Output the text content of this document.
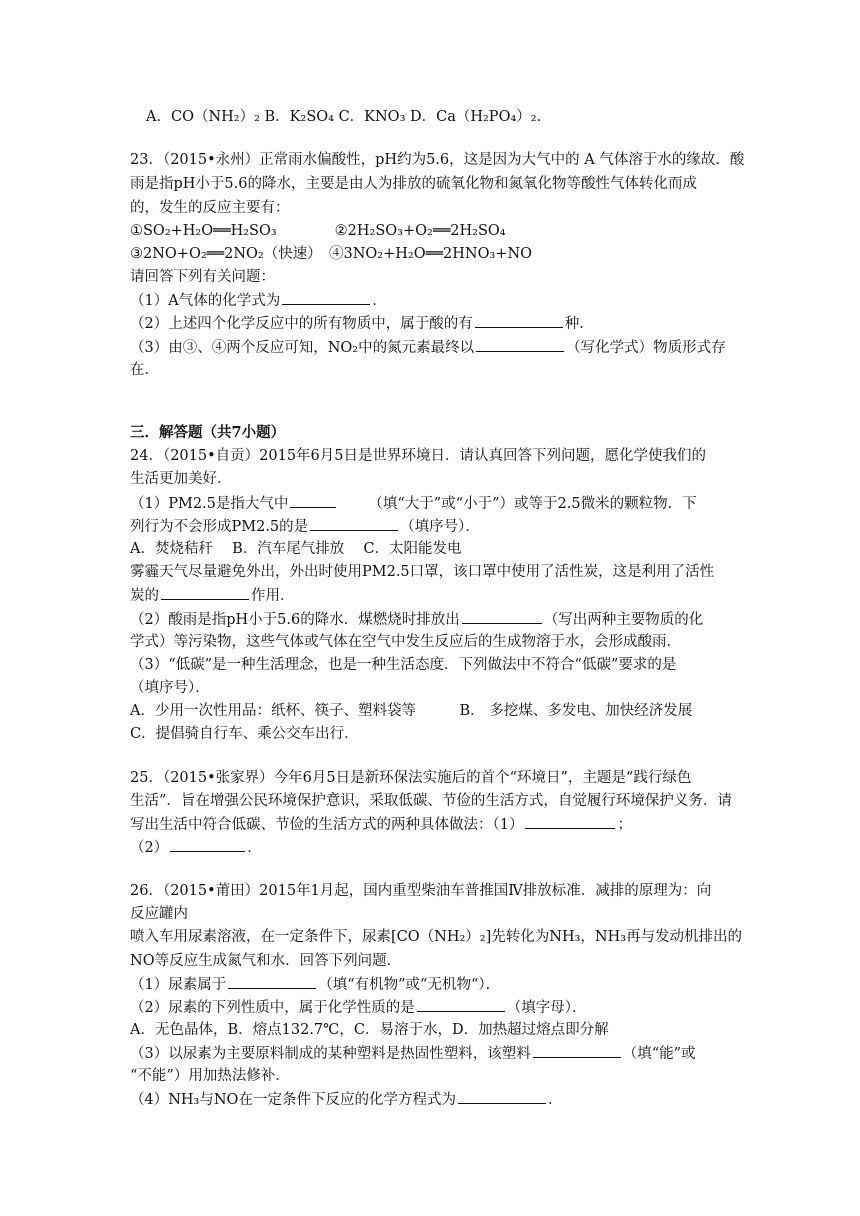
A．CO（NH₂）₂ B．K₂SO₄ C．KNO₃ D．Ca（H₂PO₄）₂．
23．（2015•永州）正常雨水偏酸性，pH约为5.6，这是因为大气中的 A 气体溶于水的缘故．酸
雨是指pH小于5.6的降水，主要是由人为排放的硫氧化物和氮氧化物等酸性气体转化而成
的，发生的反应主要有：
①SO₂+H₂O══H₂SO₃　　　　②2H₂SO₃+O₂══2H₂SO₄
③2NO+O₂══2NO₂（快速）　④3NO₂+H₂O══2HNO₃+NO
请回答下列有关问题：
（1）A气体的化学式为	．
（2）上述四个化学反应中的所有物质中，属于酸的有	种．
（3）由③、④两个反应可知，NO₂中的氮元素最终以	（写化学式）物质形式存
在．
三．解答题（共7小题）
24．（2015•自贡）2015年6月5日是世界环境日．请认真回答下列问题，愿化学使我们的
生活更加美好．
（1）PM2.5是指大气中	（填“大于”或“小于”）或等于2.5微米的颗粒物．下
列行为不会形成PM2.5的是	（填序号）．
A．焚烧秸秆　 B．汽车尾气排放　 C．太阳能发电
雾霾天气尽量避免外出，外出时使用PM2.5口罩，该口罩中使用了活性炭，这是利用了活性
炭的	作用．
（2）酸雨是指pH小于5.6的降水．煤燃烧时排放出	（写出两种主要物质的化
学式）等污染物，这些气体或气体在空气中发生反应后的生成物溶于水，会形成酸雨．
（3）“低碳”是一种生活理念，也是一种生活态度．下列做法中不符合“低碳”要求的是
（填序号）．
A．少用一次性用品：纸杯、筷子、塑料袋等　　　B． 多挖煤、多发电、加快经济发展
C．提倡骑自行车、乘公交车出行．
25．（2015•张家界）今年6月5日是新环保法实施后的首个“环境日”，主题是“践行绿色
生活”．旨在增强公民环境保护意识，采取低碳、节俭的生活方式，自觉履行环境保护义务．请
写出生活中符合低碳、节俭的生活方式的两种具体做法：（1）	；
（2）	．
26．（2015•莆田）2015年1月起，国内重型柴油车普推国Ⅳ排放标准．减排的原理为：向
反应罐内
喷入车用尿素溶液，在一定条件下，尿素[CO（NH₂）₂]先转化为NH₃，NH₃再与发动机排出的
NO等反应生成氮气和水．回答下列问题．
（1）尿素属于	（填“有机物”或“无机物“）．
（2）尿素的下列性质中，属于化学性质的是	（填字母）．
A．无色晶体，B．熔点132.7℃，C．易溶于水，D．加热超过熔点即分解
（3）以尿素为主要原料制成的某种塑料是热固性塑料，该塑料	（填“能”或
“不能”）用加热法修补．
（4）NH₃与NO在一定条件下反应的化学方程式为	．
